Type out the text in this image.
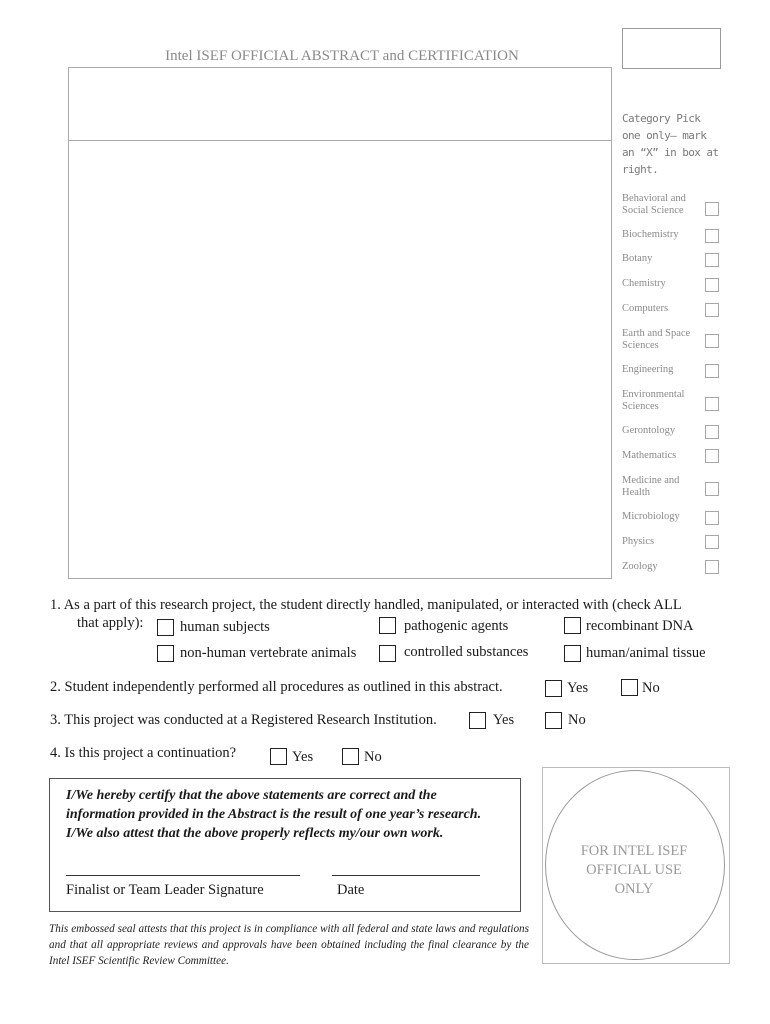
Intel ISEF OFFICIAL ABSTRACT and CERTIFICATION
Category Pick one only— mark an “X” in box at right.
Behavioral and Social Science
Biochemistry
Botany
Chemistry
Computers
Earth and Space Sciences
Engineering
Environmental Sciences
Gerontology
Mathematics
Medicine and Health
Microbiology
Physics
Zoology
1. As a part of this research project, the student directly handled, manipulated, or interacted with (check ALL
that apply):	human subjects	pathogenic agents	recombinant DNA
non-human vertebrate animals	controlled substances	human/animal tissue
2. Student independently performed all procedures as outlined in this abstract.	Yes	No
3. This project was conducted at a Registered Research Institution.	Yes	No
4. Is this project a continuation?	Yes	No
I/We hereby certify that the above statements are correct and the
information provided in the Abstract is the result of one year’s research.
I/We also attest that the above properly reflects my/our own work.
Finalist or Team Leader Signature	Date
This embossed seal attests that this project is in compliance with all federal and state laws and regulations and that all appropriate reviews and approvals have been obtained including the final clearance by the Intel ISEF Scientific Review Committee.
FOR INTEL ISEF
OFFICIAL USE
ONLY
